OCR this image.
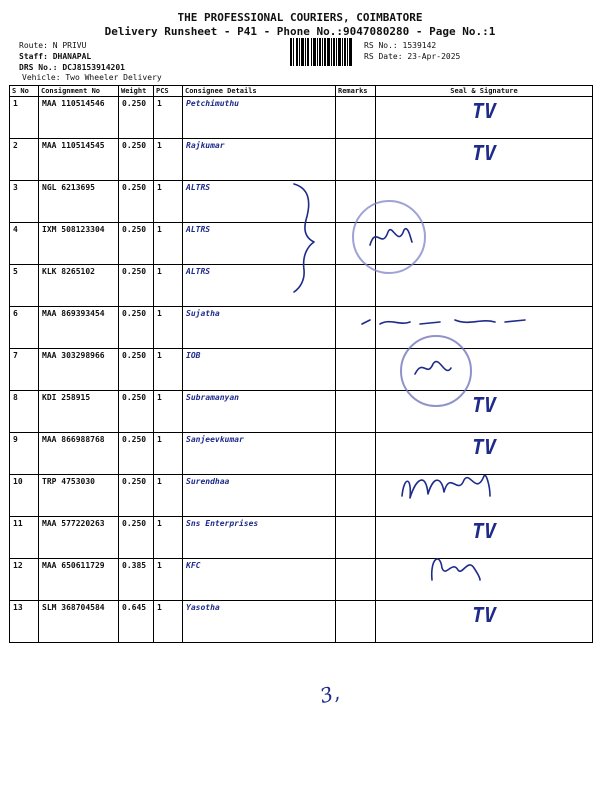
THE PROFESSIONAL COURIERS, COIMBATORE
Delivery Runsheet - P41 - Phone No.:9047080280 - Page No.:1
Route: N PRIVU
Staff: DHANAPAL
DRS No.: DCJ8153914201
Vehicle: Two Wheeler Delivery
RS No.: 1539142
RS Date: 23-Apr-2025
S No	Consignment No	Weight	PCS	Consignee Details	Remarks	Seal & Signature
1	MAA 110514546	0.250	1	Petchimuthu		TV
2	MAA 110514545	0.250	1	Rajkumar		TV
3	NGL 6213695	0.250	1	ALTRS		
4	IXM 508123304	0.250	1	ALTRS		
5	KLK 8265102	0.250	1	ALTRS		
6	MAA 869393454	0.250	1	Sujatha		
7	MAA 303298966	0.250	1	IOB		
8	KDI 258915	0.250	1	Subramanyan		TV
9	MAA 866988768	0.250	1	Sanjeevkumar		TV
10	TRP 4753030	0.250	1	Surendhaa		
11	MAA 577220263	0.250	1	Sns Enterprises		TV
12	MAA 650611729	0.385	1	KFC		
13	SLM 368704584	0.645	1	Yasotha		TV
3,
